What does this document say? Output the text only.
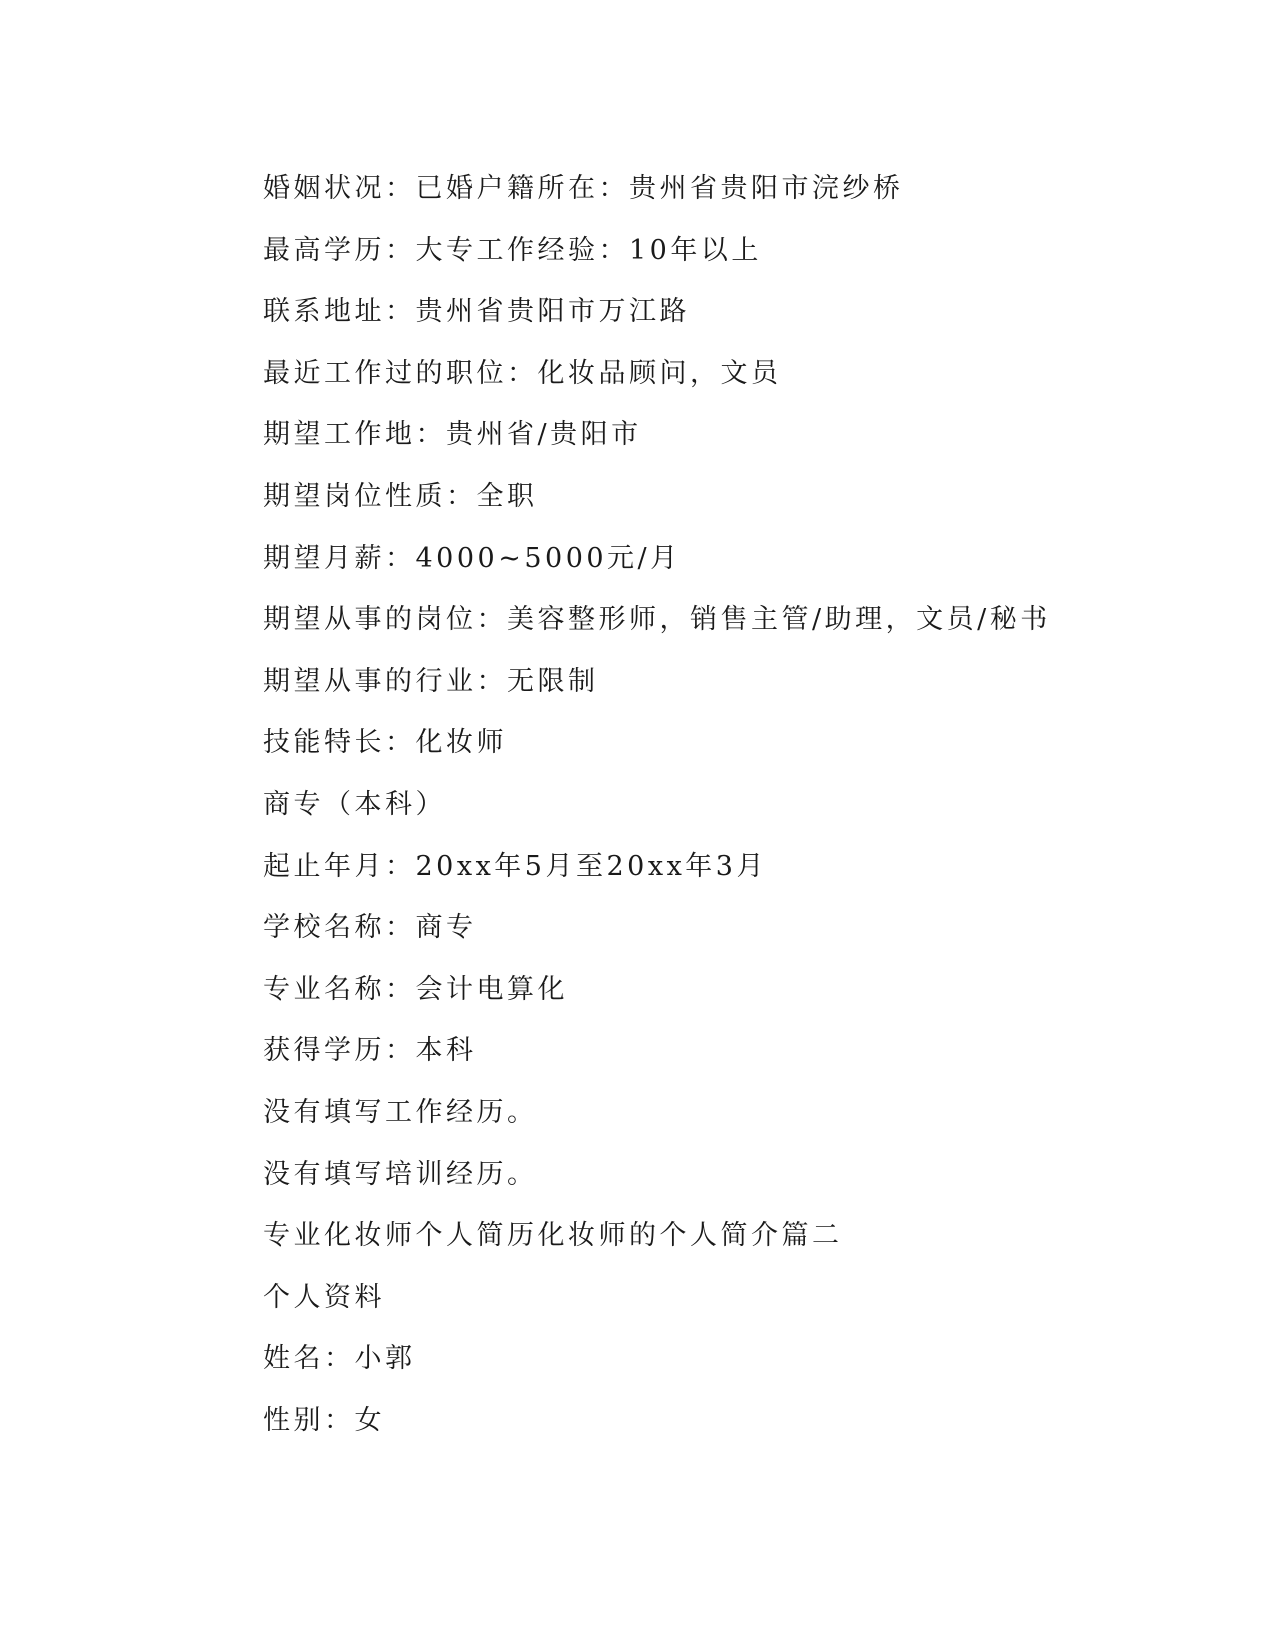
婚姻状况：已婚户籍所在：贵州省贵阳市浣纱桥
最高学历：大专工作经验：10年以上
联系地址：贵州省贵阳市万江路
最近工作过的职位：化妆品顾问，文员
期望工作地：贵州省/贵阳市
期望岗位性质：全职
期望月薪：4000~5000元/月
期望从事的岗位：美容整形师，销售主管/助理，文员/秘书
期望从事的行业：无限制
技能特长：化妆师
商专（本科）
起止年月：20xx年5月至20xx年3月
学校名称：商专
专业名称：会计电算化
获得学历：本科
没有填写工作经历。
没有填写培训经历。
专业化妆师个人简历化妆师的个人简介篇二
个人资料
姓名：小郭
性别：女
